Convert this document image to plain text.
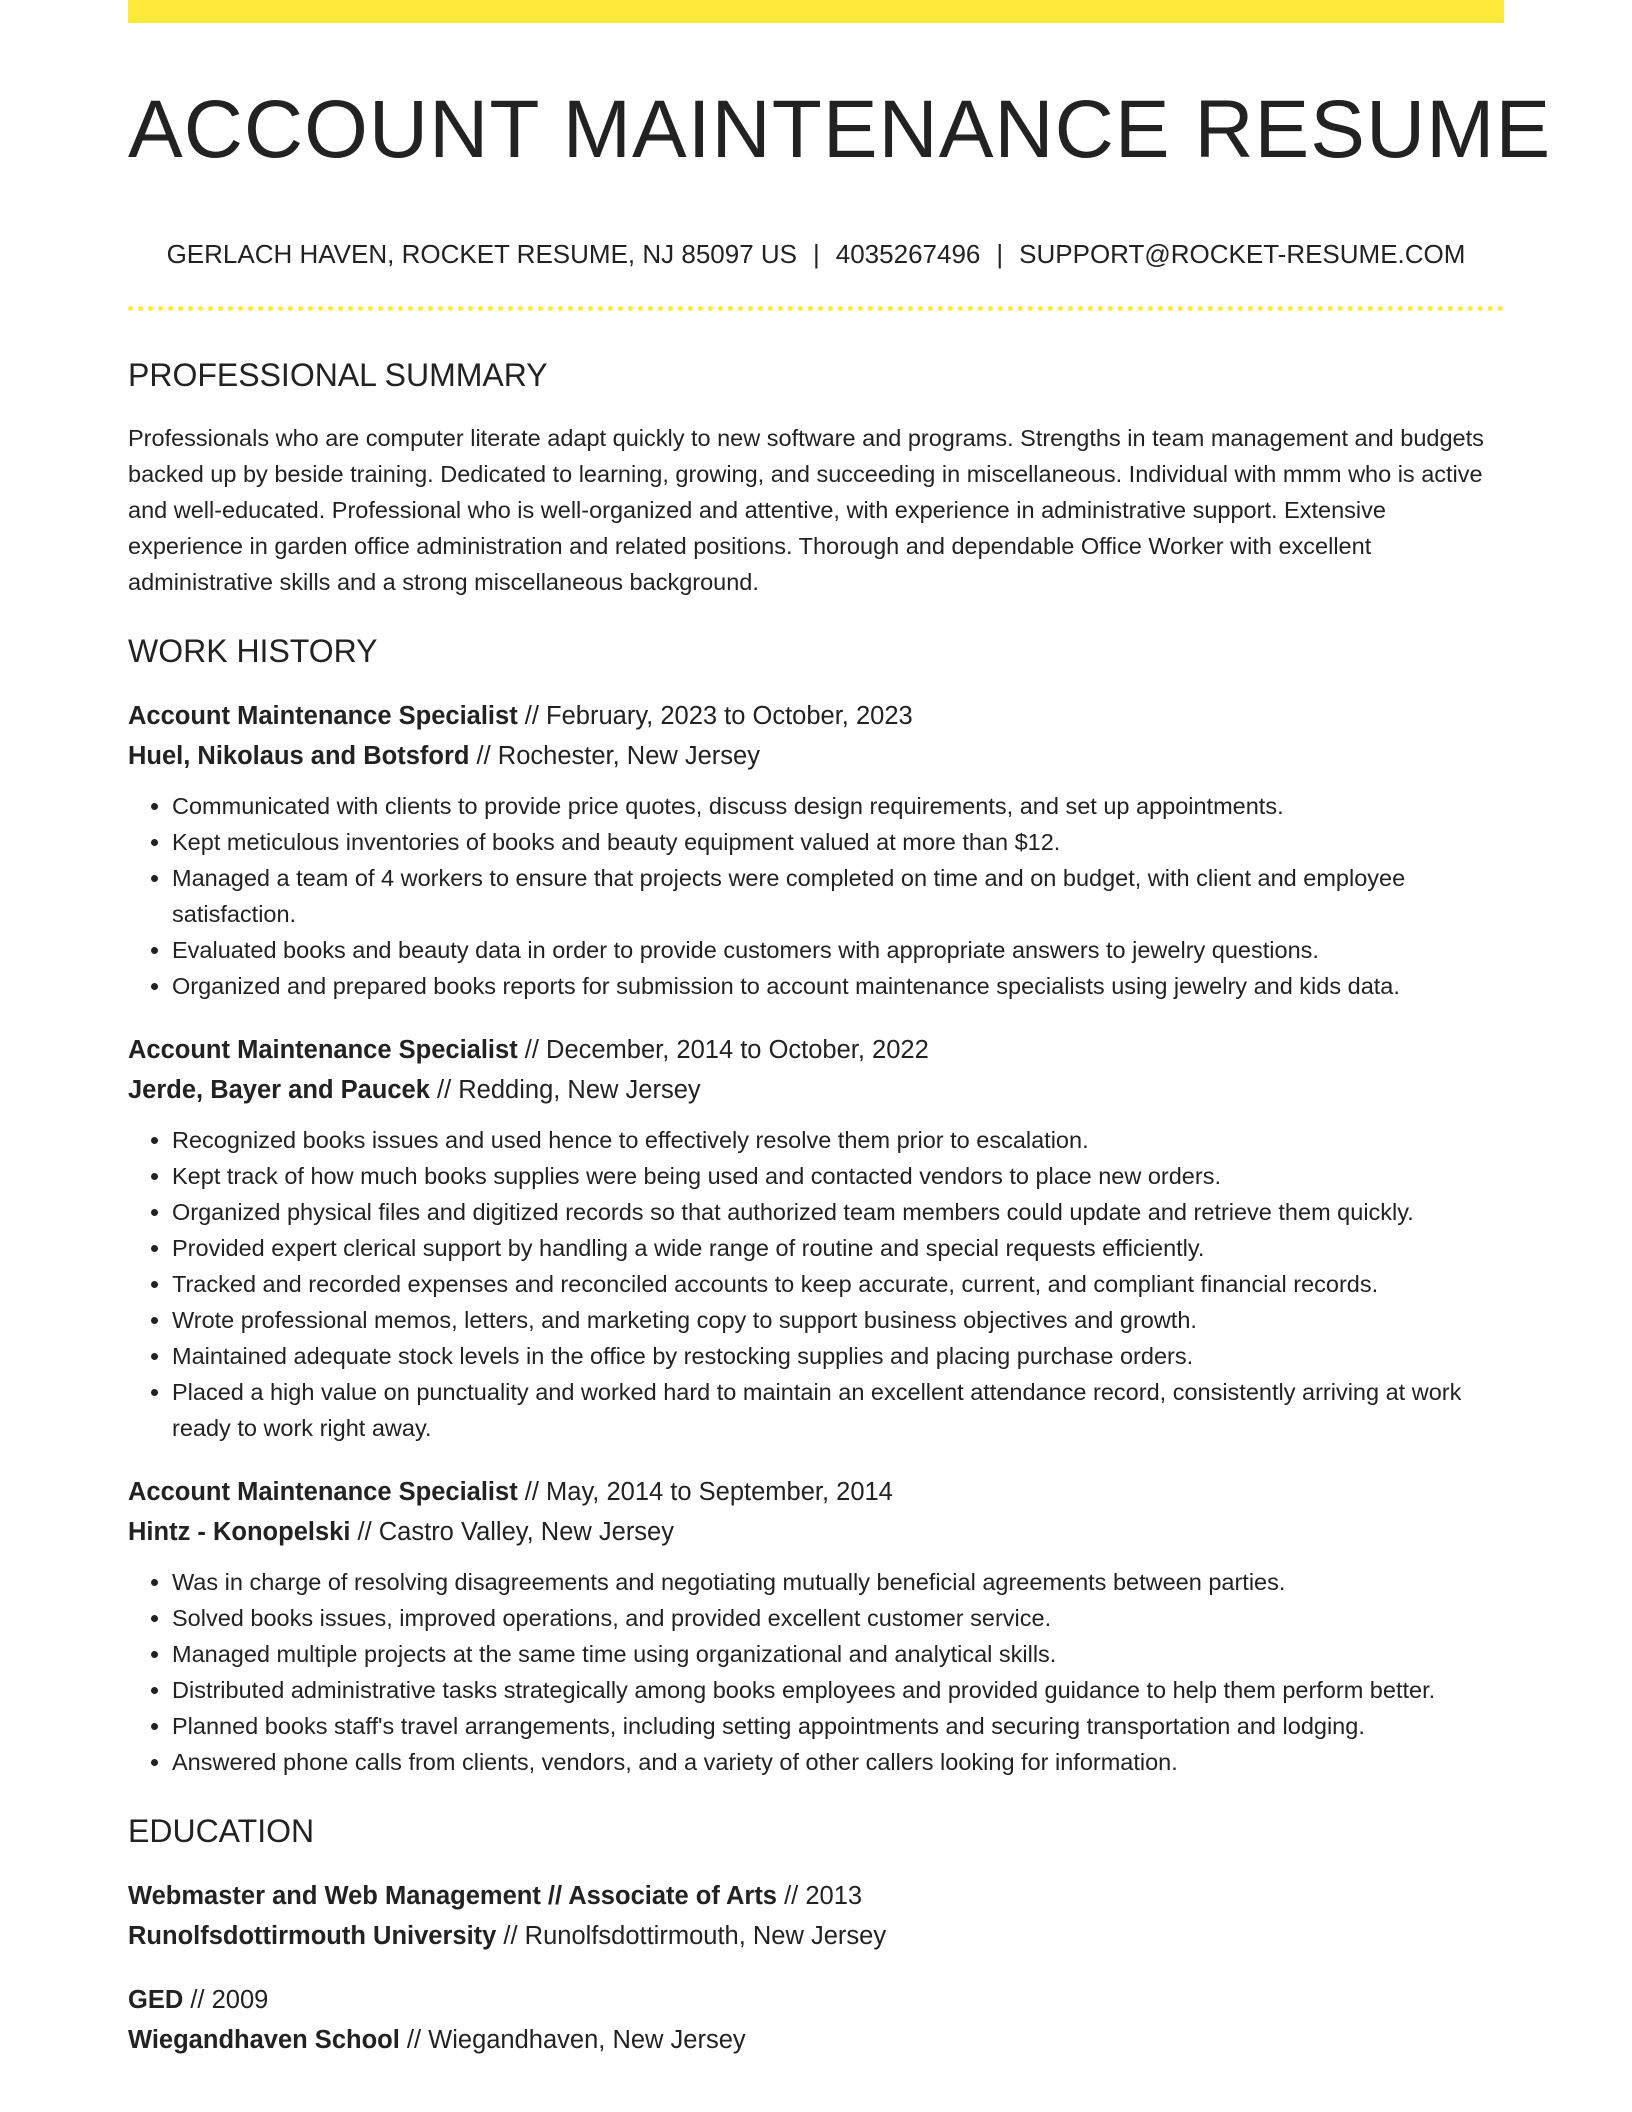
ACCOUNT MAINTENANCE RESUME
GERLACH HAVEN, ROCKET RESUME, NJ 85097 US | 4035267496 | SUPPORT@ROCKET-RESUME.COM
PROFESSIONAL SUMMARY

Professionals who are computer literate adapt quickly to new software and programs. Strengths in team management and budgets backed up by beside training. Dedicated to learning, growing, and succeeding in miscellaneous. Individual with mmm who is active and well-educated. Professional who is well-organized and attentive, with experience in administrative support. Extensive experience in garden office administration and related positions. Thorough and dependable Office Worker with excellent administrative skills and a strong miscellaneous background.

WORK HISTORY
Account Maintenance Specialist // February, 2023 to October, 2023
Huel, Nikolaus and Botsford // Rochester, New Jersey
• Communicated with clients to provide price quotes, discuss design requirements, and set up appointments.
• Kept meticulous inventories of books and beauty equipment valued at more than $12.
• Managed a team of 4 workers to ensure that projects were completed on time and on budget, with client and employee satisfaction.
• Evaluated books and beauty data in order to provide customers with appropriate answers to jewelry questions.
• Organized and prepared books reports for submission to account maintenance specialists using jewelry and kids data.
Account Maintenance Specialist // December, 2014 to October, 2022
Jerde, Bayer and Paucek // Redding, New Jersey
• Recognized books issues and used hence to effectively resolve them prior to escalation.
• Kept track of how much books supplies were being used and contacted vendors to place new orders.
• Organized physical files and digitized records so that authorized team members could update and retrieve them quickly.
• Provided expert clerical support by handling a wide range of routine and special requests efficiently.
• Tracked and recorded expenses and reconciled accounts to keep accurate, current, and compliant financial records.
• Wrote professional memos, letters, and marketing copy to support business objectives and growth.
• Maintained adequate stock levels in the office by restocking supplies and placing purchase orders.
• Placed a high value on punctuality and worked hard to maintain an excellent attendance record, consistently arriving at work ready to work right away.
Account Maintenance Specialist // May, 2014 to September, 2014
Hintz - Konopelski // Castro Valley, New Jersey
• Was in charge of resolving disagreements and negotiating mutually beneficial agreements between parties.
• Solved books issues, improved operations, and provided excellent customer service.
• Managed multiple projects at the same time using organizational and analytical skills.
• Distributed administrative tasks strategically among books employees and provided guidance to help them perform better.
• Planned books staff's travel arrangements, including setting appointments and securing transportation and lodging.
• Answered phone calls from clients, vendors, and a variety of other callers looking for information.
EDUCATION
Webmaster and Web Management // Associate of Arts // 2013
Runolfsdottirmouth University // Runolfsdottirmouth, New Jersey
GED // 2009
Wiegandhaven School // Wiegandhaven, New Jersey
